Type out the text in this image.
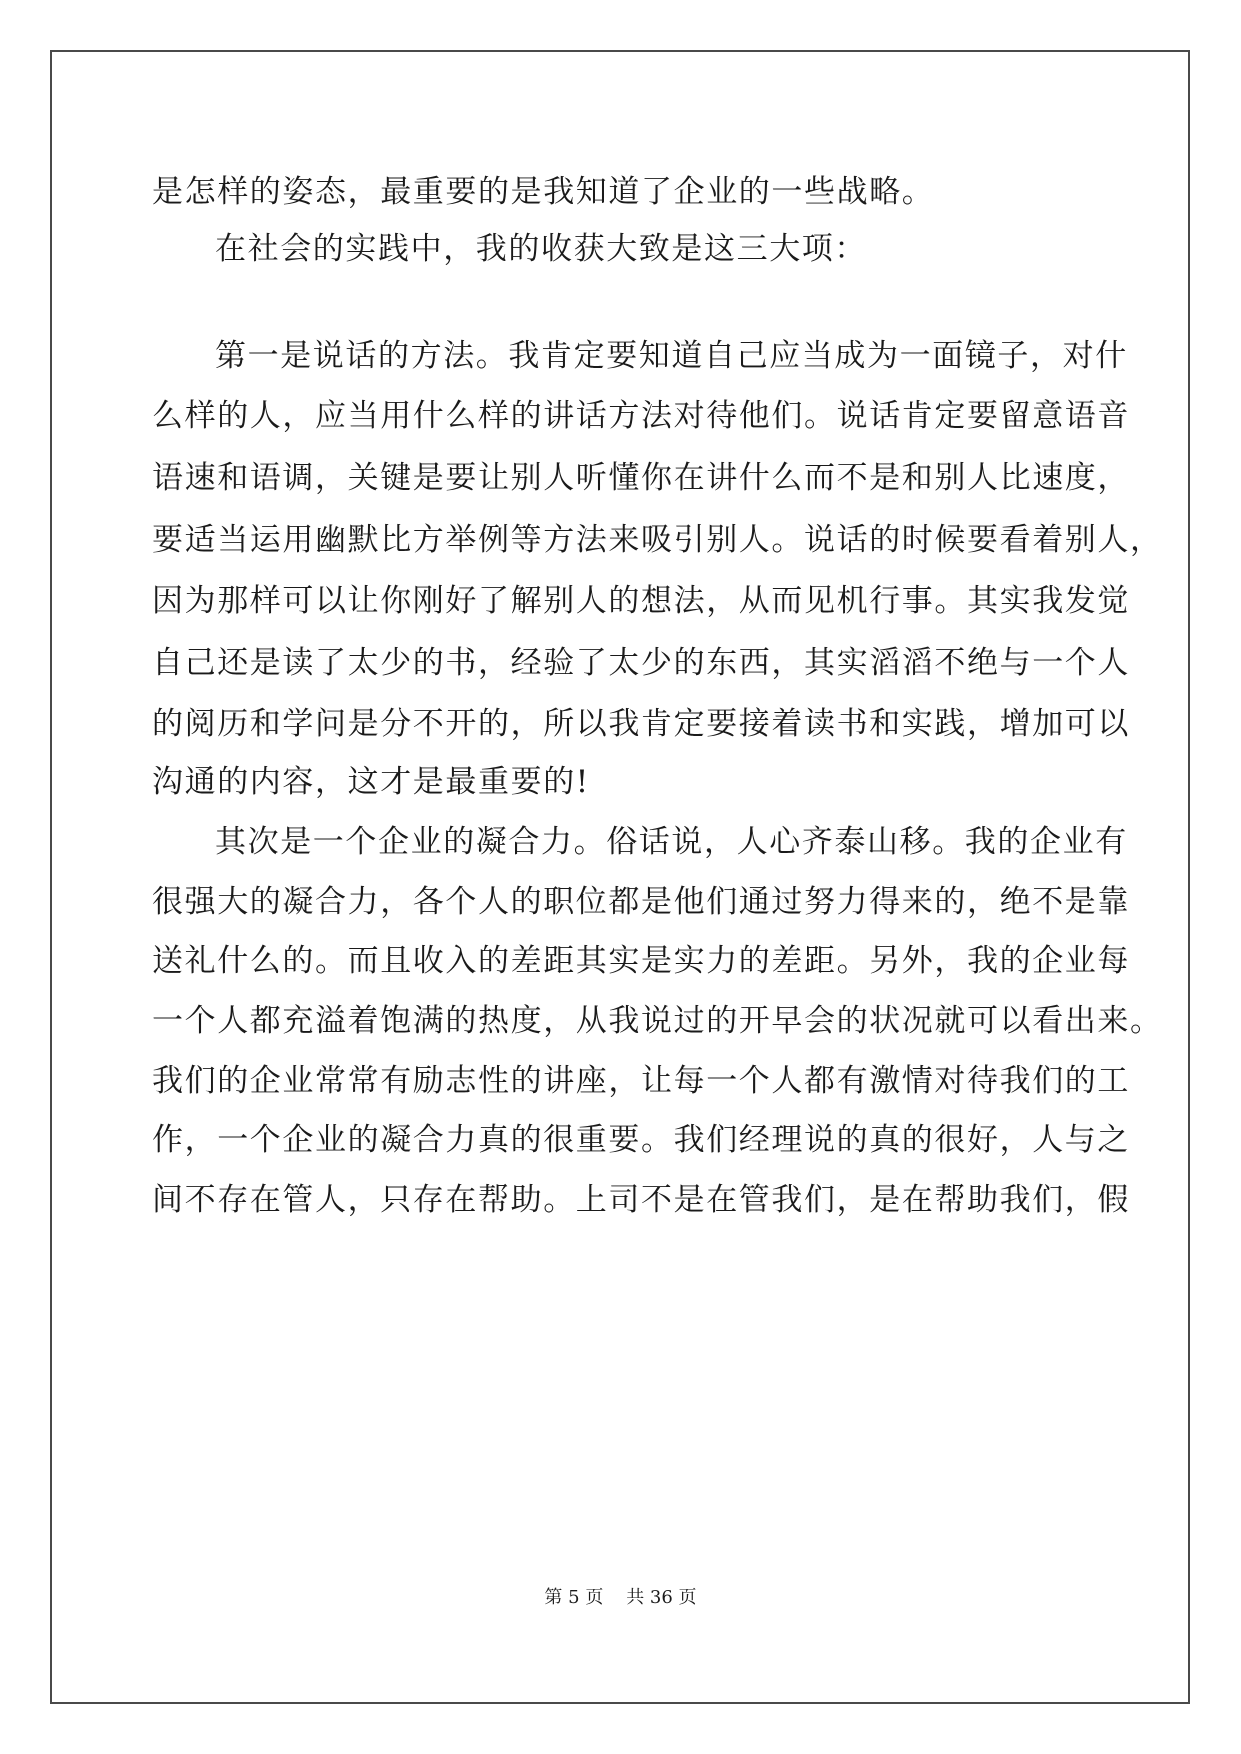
是怎样的姿态，最重要的是我知道了企业的一些战略。
在社会的实践中，我的收获大致是这三大项：
第一是说话的方法。我肯定要知道自己应当成为一面镜子，对什
么样的人，应当用什么样的讲话方法对待他们。说话肯定要留意语音
语速和语调，关键是要让别人听懂你在讲什么而不是和别人比速度，
要适当运用幽默比方举例等方法来吸引别人。说话的时候要看着别人，
因为那样可以让你刚好了解别人的想法，从而见机行事。其实我发觉
自己还是读了太少的书，经验了太少的东西，其实滔滔不绝与一个人
的阅历和学问是分不开的，所以我肯定要接着读书和实践，增加可以
沟通的内容，这才是最重要的!
其次是一个企业的凝合力。俗话说，人心齐泰山移。我的企业有
很强大的凝合力，各个人的职位都是他们通过努力得来的，绝不是靠
送礼什么的。而且收入的差距其实是实力的差距。另外，我的企业每
一个人都充溢着饱满的热度，从我说过的开早会的状况就可以看出来。
我们的企业常常有励志性的讲座，让每一个人都有激情对待我们的工
作，一个企业的凝合力真的很重要。我们经理说的真的很好，人与之
间不存在管人，只存在帮助。上司不是在管我们，是在帮助我们，假
第 5 页    共 36 页
